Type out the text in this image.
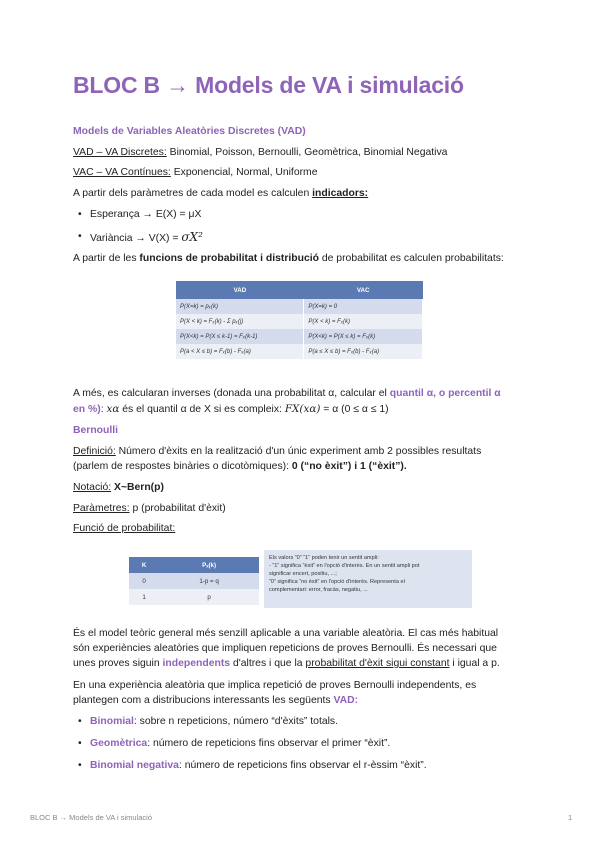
BLOC B → Models de VA i simulació
Models de Variables Aleatòries Discretes (VAD)
VAD – VA Discretes: Binomial, Poisson, Bernoulli, Geomètrica, Binomial Negativa
VAC – VA Contínues: Exponencial, Normal, Uniforme
A partir dels paràmetres de cada model es calculen indicadors:
• Esperança → E(X) = μX
• Variància → V(X) = σX²
A partir de les funcions de probabilitat i distribució de probabilitat es calculen probabilitats:
VAD	VAC
P(X=k) = pₓ(k)	P(X=k) = 0
P(X < k) = Fₓ(k) - Σ pₓ(j)	P(X < k) = Fₓ(k)
P(X<k) = P(X ≤ k-1) = Fₓ(k-1)	P(X<k) = P(X ≤ k) = Fₓ(k)
P(a < X ≤ b) = Fₓ(b) - Fₓ(a)	P(a ≤ X ≤ b) = Fₓ(b) - Fₓ(a)
A més, es calcularan inverses (donada una probabilitat α, calcular el quantil α, o percentil α
en %): xα és el quantil α de X si es compleix: FX(xα) = α (0 ≤ α ≤ 1)
Bernoulli
Definició: Número d'èxits en la realització d'un únic experiment amb 2 possibles resultats
(parlem de respostes binàries o dicotòmiques): 0 (“no èxit”) i 1 (“èxit”).
Notació: X~Bern(p)
Paràmetres: p (probabilitat d'èxit)
Funció de probabilitat:
K	Pₓ(k)
0	1-p = q
1	p
Els valors “0” “1” poden tenir un sentit ampli:
- “1” significa “èxit” en l'opció d'interès. En un sentit ampli pot
significar encert, positiu, ...;
“0” significa “no èxit” en l'opció d'interès. Representa el
complementari: error, fracàs, negatiu, ...
És el model teòric general més senzill aplicable a una variable aleatòria. El cas més habitual
són experiències aleatòries que impliquen repeticions de proves Bernoulli. És necessari que
unes proves siguin independents d'altres i que la probabilitat d'èxit sigui constant i igual a p.
En una experiència aleatòria que implica repetició de proves Bernoulli independents, es
plantegen com a distribucions interessants les següents VAD:
• Binomial: sobre n repeticions, número “d'èxits” totals.
• Geomètrica: número de repeticions fins observar el primer “èxit”.
• Binomial negativa: número de repeticions fins observar el r-èssim “èxit”.
BLOC B → Models de VA i simulació	1
